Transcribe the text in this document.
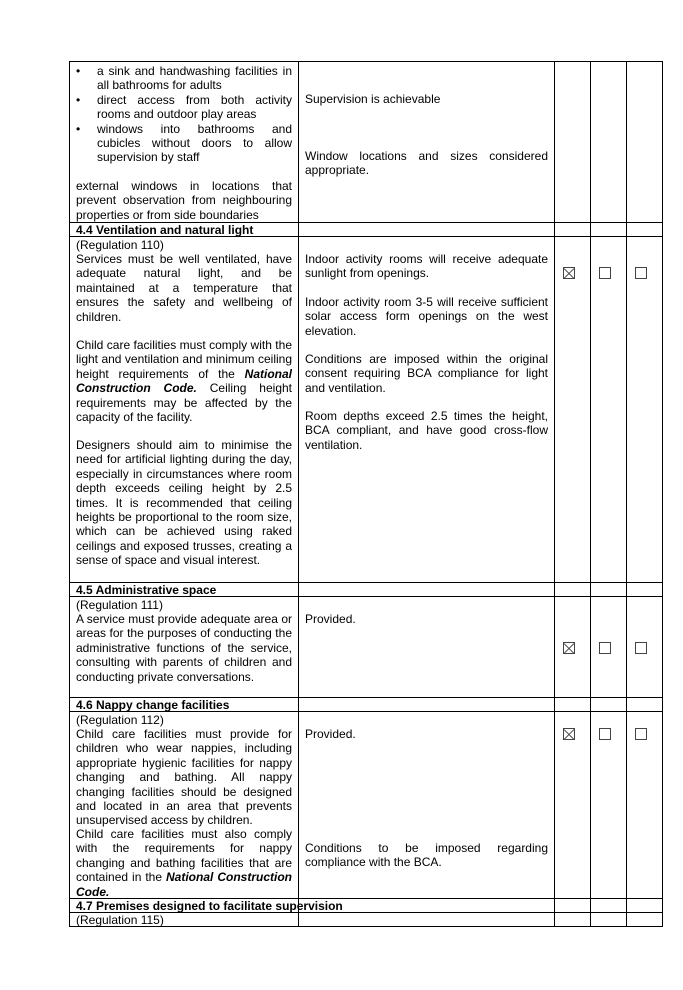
• a sink and handwashing facilities in all bathrooms for adults
• direct access from both activity rooms and outdoor play areas
• windows into bathrooms and cubicles without doors to allow supervision by staff

external windows in locations that prevent observation from neighbouring properties or from side boundaries

Supervision is achievable

Window locations and sizes considered appropriate.

4.4 Ventilation and natural light

(Regulation 110)

Services must be well ventilated, have adequate natural light, and be maintained at a temperature that ensures the safety and wellbeing of children.

Child care facilities must comply with the light and ventilation and minimum ceiling height requirements of the National Construction Code. Ceiling height requirements may be affected by the capacity of the facility.

Designers should aim to minimise the need for artificial lighting during the day, especially in circumstances where room depth exceeds ceiling height by 2.5 times. It is recommended that ceiling heights be proportional to the room size, which can be achieved using raked ceilings and exposed trusses, creating a sense of space and visual interest.

Indoor activity rooms will receive adequate sunlight from openings.

Indoor activity room 3-5 will receive sufficient solar access form openings on the west elevation.

Conditions are imposed within the original consent requiring BCA compliance for light and ventilation.

Room depths exceed 2.5 times the height, BCA compliant, and have good cross-flow ventilation.

4.5 Administrative space

(Regulation 111)

A service must provide adequate area or areas for the purposes of conducting the administrative functions of the service, consulting with parents of children and conducting private conversations.

Provided.

4.6 Nappy change facilities

(Regulation 112)

Child care facilities must provide for children who wear nappies, including appropriate hygienic facilities for nappy changing and bathing. All nappy changing facilities should be designed and located in an area that prevents unsupervised access by children.

Child care facilities must also comply with the requirements for nappy changing and bathing facilities that are contained in the National Construction Code.

Provided.

Conditions to be imposed regarding compliance with the BCA.

4.7 Premises designed to facilitate supervision

(Regulation 115)
